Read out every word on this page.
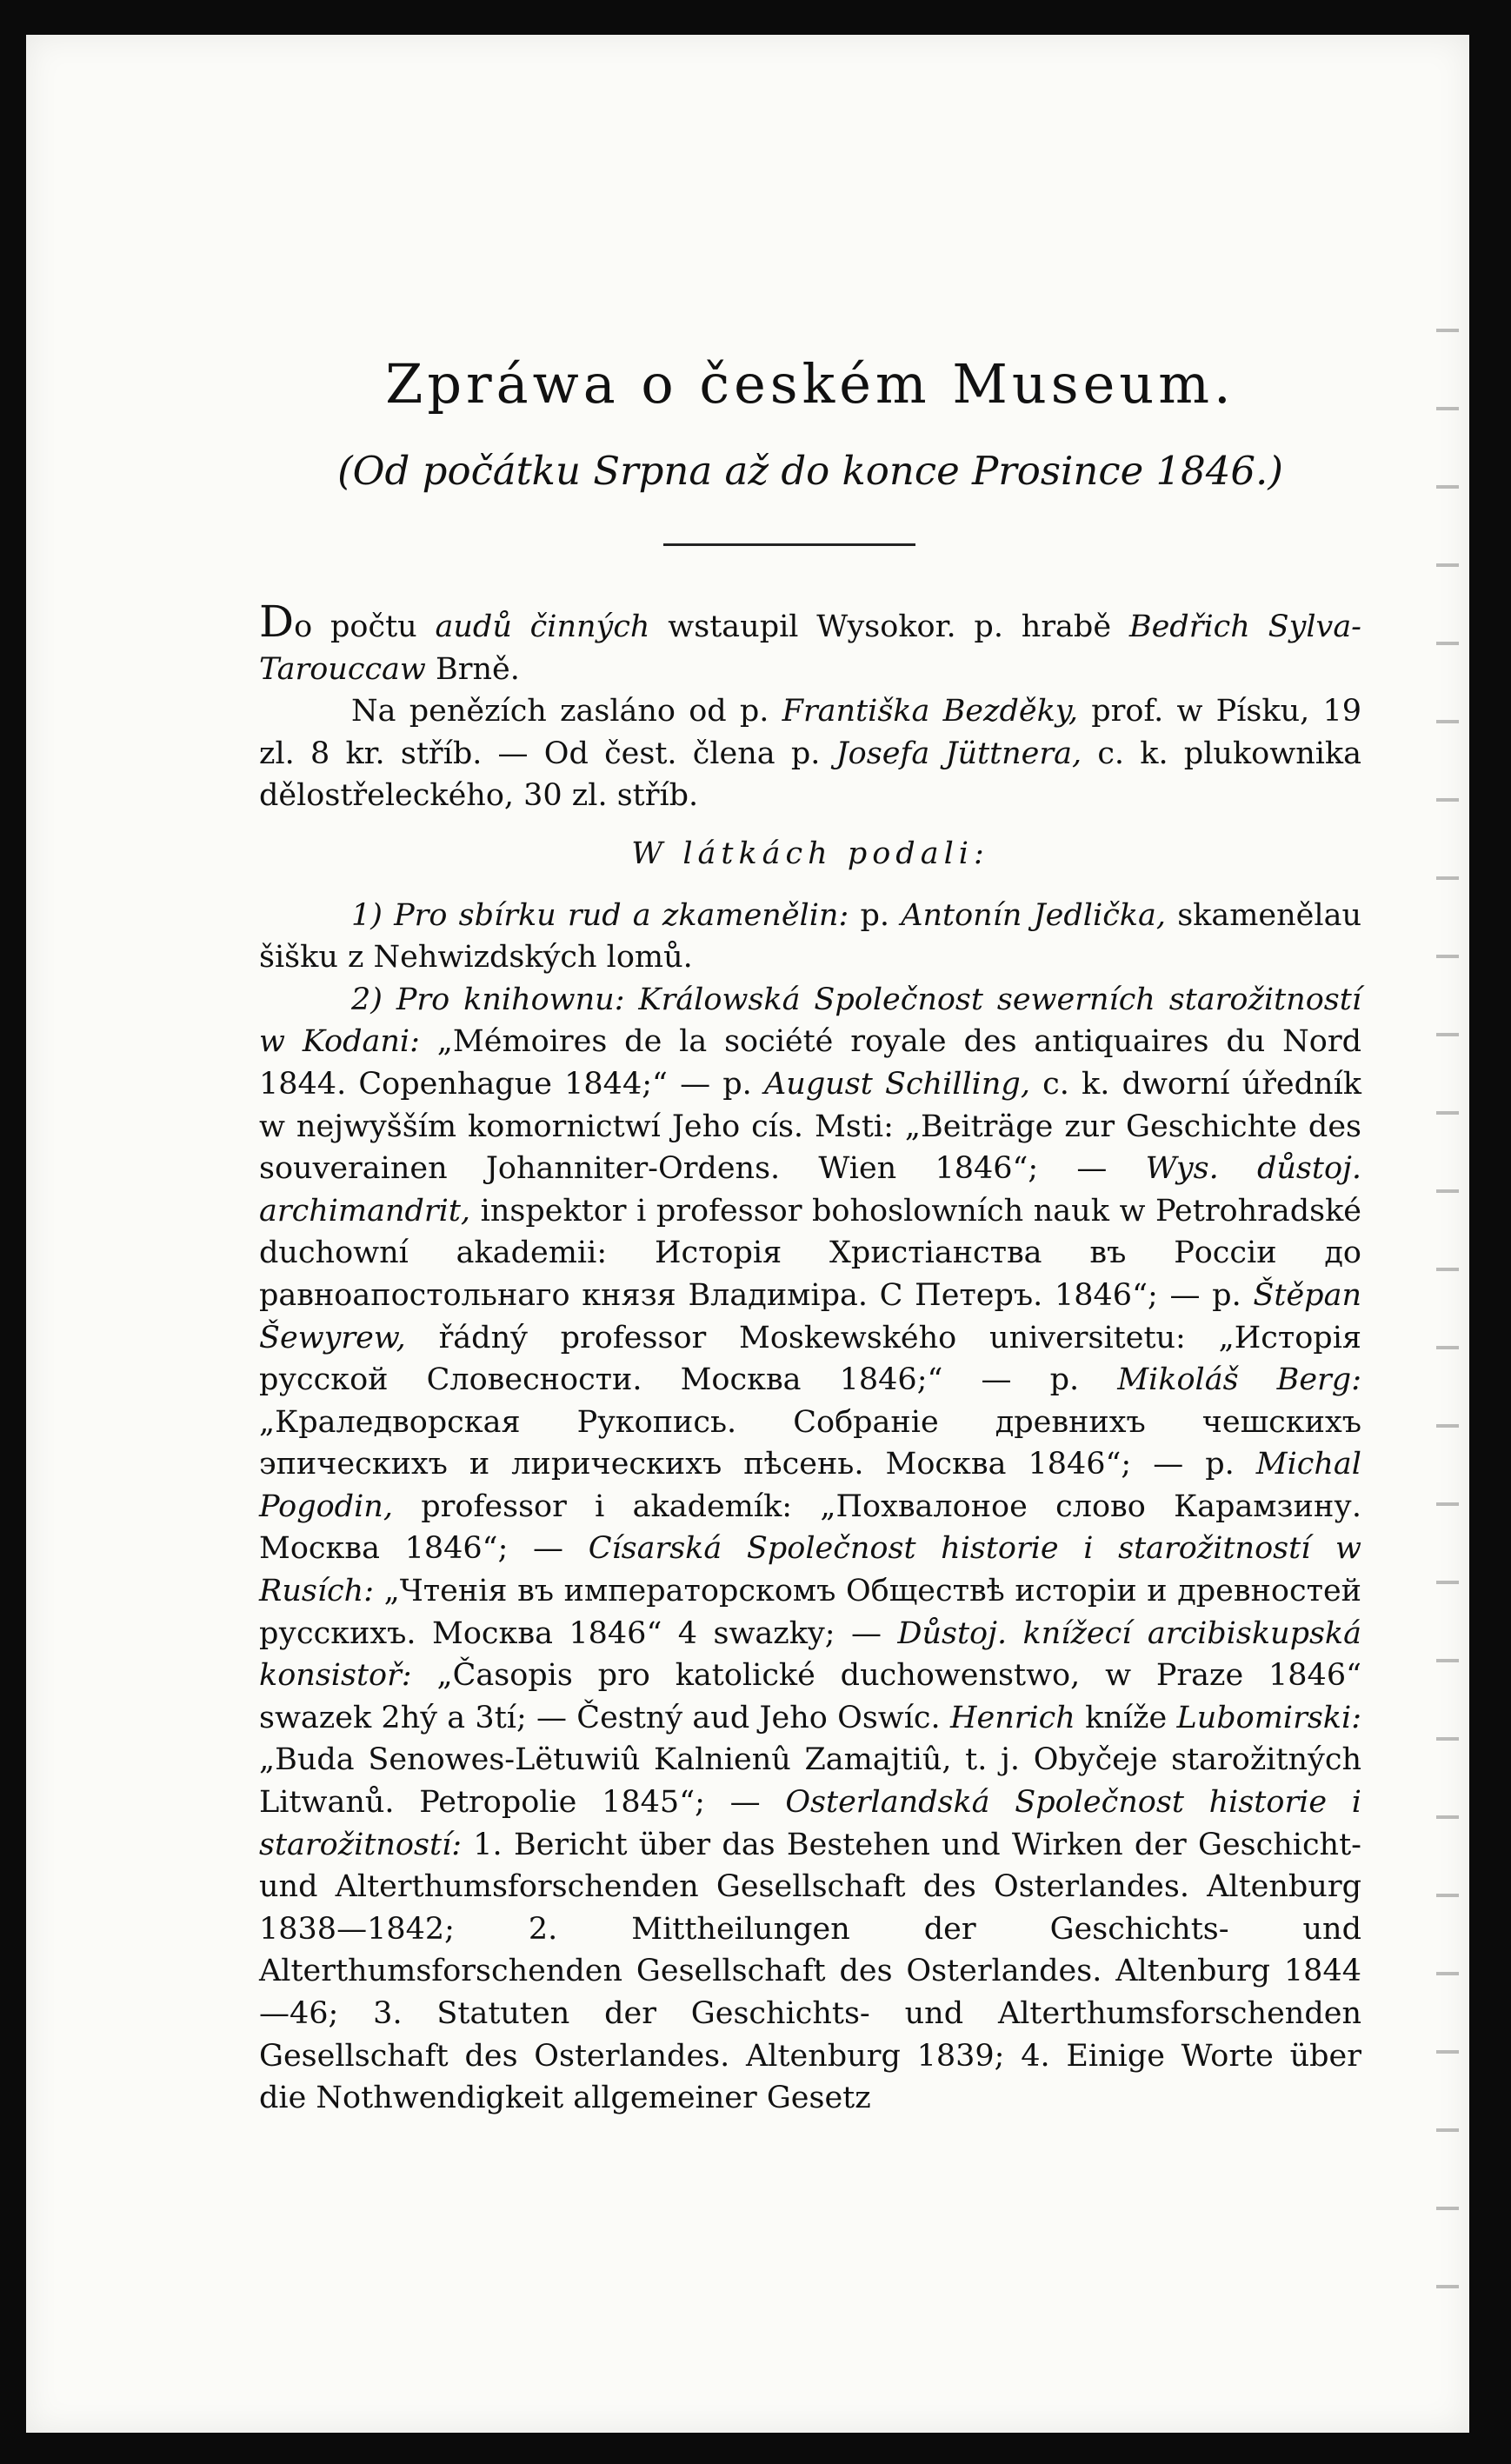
Zpráwa o českém Museum.

(Od počátku Srpna až do konce Prosince 1846.)

Do počtu audů činných wstaupil Wysokor. p. hrabě Bedřich Sylva-Tarouccaw Brně.

Na penězích zasláno od p. Františka Bezděky, prof. w Písku, 19 zl. 8 kr. stříb. — Od čest. člena p. Josefa Jüttnera, c. k. plukownika dělostřeleckého, 30 zl. stříb.

W látkách podali:

1) Pro sbírku rud a zkamenělin: p. Antonín Jedlička, skamenělau šišku z Nehwizdských lomů.

2) Pro knihownu: Králowská Společnost sewerních starožitností w Kodani: „Mémoires de la société royale des antiquaires du Nord 1844. Copenhague 1844;“ — p. August Schilling, c. k. dworní úředník w nejwyšším komornictwí Jeho cís. Msti: „Beiträge zur Geschichte des souverainen Johanniter-Ordens. Wien 1846“; — Wys. důstoj. archimandrit, inspektor i professor bohoslowních nauk w Petrohradské duchowní akademii: Исторія Христіанства въ Россіи до равноапостольнаго князя Владиміра. С Петеръ. 1846“; — p. Štěpan Šewyrew, řádný professor Moskewského universitetu: „Исторія русской Словесности. Москва 1846;“ — p. Mikoláš Berg: „Краледворская Рукопись. Собраніе древнихъ чешскихъ эпическихъ и лирическихъ пѣсень. Москва 1846“; — p. Michal Pogodin, professor i akademík: „Похвалоное слово Карамзину. Москва 1846“; — Císarská Společnost historie i starožitností w Rusích: „Чтенія въ императорскомъ Обществѣ исторіи и древностей русскихъ. Москва 1846“ 4 swazky; — Důstoj. knížecí arcibiskupská konsistoř: „Časopis pro katolické duchowenstwo, w Praze 1846“ swazek 2hý a 3tí; — Čestný aud Jeho Oswíc. Henrich kníže Lubomirski: „Buda Senowes-Lëtuwiû Kalnienû Zamajtiû, t. j. Obyčeje starožitných Litwanů. Petropolie 1845“; — Osterlandská Společnost historie i starožitností: 1. Bericht über das Bestehen und Wirken der Geschicht- und Alterthumsforschenden Gesellschaft des Osterlandes. Altenburg 1838—1842; 2. Mittheilungen der Geschichts- und Alterthumsforschenden Gesellschaft des Osterlandes. Altenburg 1844—46; 3. Statuten der Geschichts- und Alterthumsforschenden Gesellschaft des Osterlandes. Altenburg 1839; 4. Einige Worte über die Nothwendigkeit allgemeiner Gesetz
